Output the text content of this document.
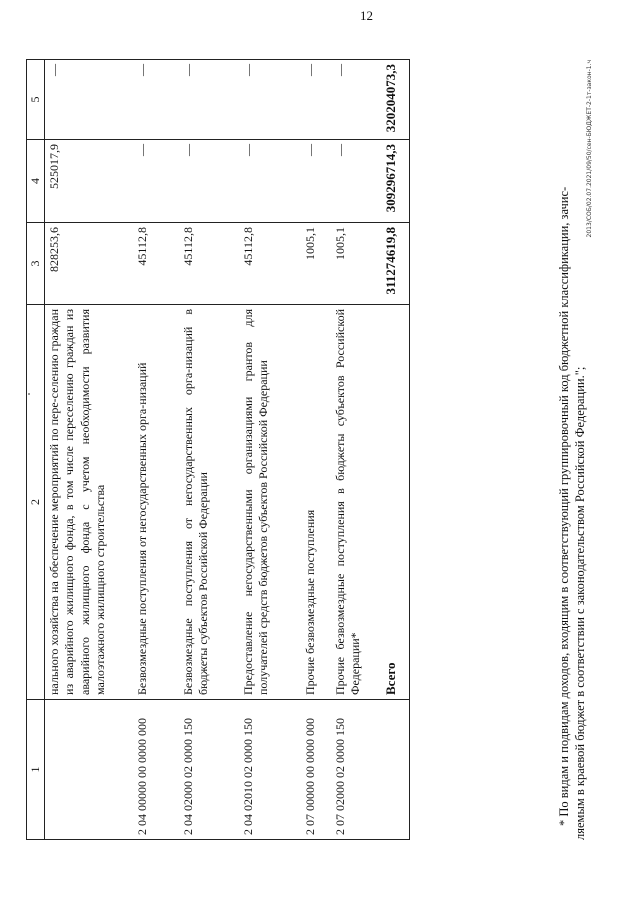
12
1	2	3	4	5
	нального хозяйства на обеспечение мероприятий по пере-селению граждан из аварийного жилищного фонда, в том числе переселению граждан из аварийного жилищного фонда с учетом необходимости развития малоэтажного жилищного строительства	828253,6	525017,9	—
2 04 00000 00 0000 000	Безвозмездные поступления от негосударственных орга-низаций	45112,8	—	—
2 04 02000 02 0000 150	Безвозмездные поступления от негосударственных орга-низаций в бюджеты субъектов Российской Федерации	45112,8	—	—
2 04 02010 02 0000 150	Предоставление негосударственными организациями грантов для получателей средств бюджетов субъектов Российской Федерации	45112,8	—	—
2 07 00000 00 0000 000	Прочие безвозмездные поступления	1005,1	—	—
2 07 02000 02 0000 150	Прочие безвозмездные поступления в бюджеты субъектов Российской Федерации*	1005,1	—	—
	Всего	311274619,8	309296714,3	320204073,3
* По видам и подвидам доходов, входящим в соответствующий группировочный код бюджетной классификации, зачис- ляемым в краевой бюджет в соответствии с законодательством Российской Федерации.";
2013/СОБ/02.07.2021/09/50/сен-БЮДЖЕТ-2-1т-закон-1.ч
